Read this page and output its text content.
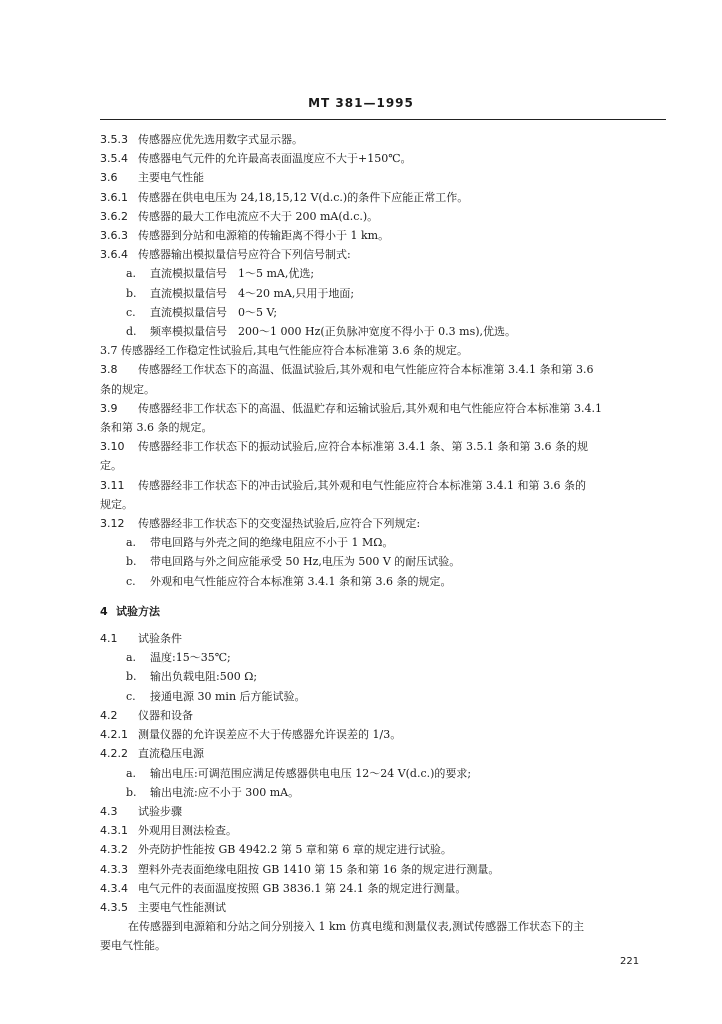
MT 381—1995
3.5.3 传感器应优先选用数字式显示器。
3.5.4 传感器电气元件的允许最高表面温度应不大于+150℃。
3.6 主要电气性能
3.6.1 传感器在供电电压为 24,18,15,12 V(d.c.)的条件下应能正常工作。
3.6.2 传感器的最大工作电流应不大于 200 mA(d.c.)。
3.6.3 传感器到分站和电源箱的传输距离不得小于 1 km。
3.6.4 传感器输出模拟量信号应符合下列信号制式:
a. 直流模拟量信号　1～5 mA,优选;
b. 直流模拟量信号　4～20 mA,只用于地面;
c. 直流模拟量信号　0～5 V;
d. 频率模拟量信号　200～1 000 Hz(正负脉冲宽度不得小于 0.3 ms),优选。
3.7 传感器经工作稳定性试验后,其电气性能应符合本标准第 3.6 条的规定。
3.8 传感器经工作状态下的高温、低温试验后,其外观和电气性能应符合本标准第 3.4.1 条和第 3.6
条的规定。
3.9 传感器经非工作状态下的高温、低温贮存和运输试验后,其外观和电气性能应符合本标准第 3.4.1
条和第 3.6 条的规定。
3.10 传感器经非工作状态下的振动试验后,应符合本标准第 3.4.1 条、第 3.5.1 条和第 3.6 条的规
定。
3.11 传感器经非工作状态下的冲击试验后,其外观和电气性能应符合本标准第 3.4.1 和第 3.6 条的
规定。
3.12 传感器经非工作状态下的交变湿热试验后,应符合下列规定:
a. 带电回路与外壳之间的绝缘电阻应不小于 1 MΩ。
b. 带电回路与外之间应能承受 50 Hz,电压为 500 V 的耐压试验。
c. 外观和电气性能应符合本标准第 3.4.1 条和第 3.6 条的规定。
4 试验方法
4.1 试验条件
a. 温度:15～35℃;
b. 输出负载电阻:500 Ω;
c. 接通电源 30 min 后方能试验。
4.2 仪器和设备
4.2.1 测量仪器的允许误差应不大于传感器允许误差的 1/3。
4.2.2 直流稳压电源
a. 输出电压:可调范围应满足传感器供电电压 12～24 V(d.c.)的要求;
b. 输出电流:应不小于 300 mA。
4.3 试验步骤
4.3.1 外观用目测法检查。
4.3.2 外壳防护性能按 GB 4942.2 第 5 章和第 6 章的规定进行试验。
4.3.3 塑料外壳表面绝缘电阻按 GB 1410 第 15 条和第 16 条的规定进行测量。
4.3.4 电气元件的表面温度按照 GB 3836.1 第 24.1 条的规定进行测量。
4.3.5 主要电气性能测试
在传感器到电源箱和分站之间分别接入 1 km 仿真电缆和测量仪表,测试传感器工作状态下的主
要电气性能。
221
